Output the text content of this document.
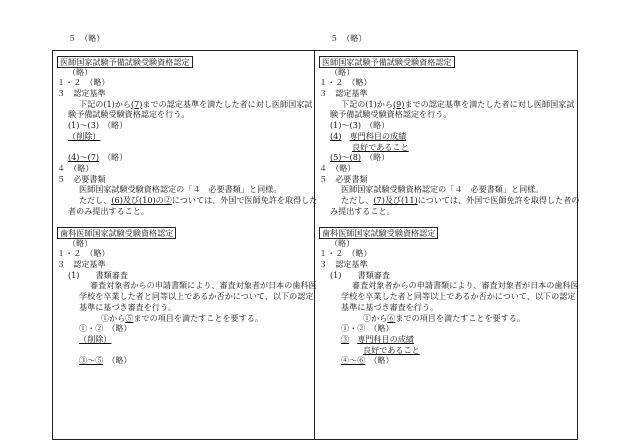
５　（略）	５　（略）
医師国家試験予備試験受験資格認定
（略）
１・２　（略）
３　認定基準
下記の(1)から(7)までの認定基準を満たした者に対し医師国家試
験予備試験受験資格認定を行う。
(1)～(3)　（略）
（削除）
(4)～(7)　（略）
４　（略）
５　必要書類
医師国家試験受験資格認定の「４　必要書類」と同様。
ただし、(6)及び(10)の②については、外国で医師免許を取得した
者のみ提出すること。
歯科医師国家試験受験資格認定
（略）
１・２　（略）
３　認定基準
(1)　　書類審査
審査対象者からの申請書類により、審査対象者が日本の歯科医
学校を卒業した者と同等以上であるか否かについて、以下の認定
基準に基づき審査を行う。
①から⑤までの項目を満たすことを要する。
①・②　（略）
（削除）
③～⑤　（略）
医師国家試験予備試験受験資格認定
（略）
１・２　（略）
３　認定基準
下記の(1)から(9)までの認定基準を満たした者に対し医師国家試
験予備試験受験資格認定を行う。
(1)～(3)　（略）
(4)　 専門科目の成績
良好であること
(5)～(8)　（略）
４　（略）
５　必要書類
医師国家試験受験資格認定の「４　必要書類」と同様。
ただし、(7)及び(11)については、外国で医師免許を取得した者の
み提出すること。
歯科医師国家試験受験資格認定
（略）
１・２　（略）
３　認定基準
(1)　　書類審査
審査対象者からの申請書類により、審査対象者が日本の歯科医
学校を卒業した者と同等以上であるか否かについて、以下の認定
基準に基づき審査を行う。
①から⑥までの項目を満たすことを要する。
①・②　（略）
③　 専門科目の成績
良好であること
④～⑥　（略）
